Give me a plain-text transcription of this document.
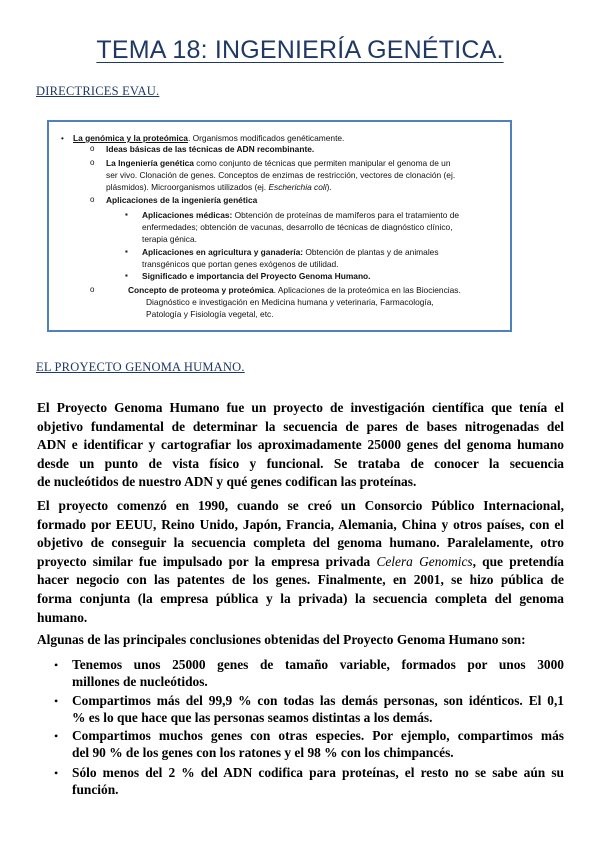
TEMA 18: INGENIERÍA GENÉTICA.
DIRECTRICES EVAU.
• La genómica y la proteómica. Organismos modificados genéticamente.
o Ideas básicas de las técnicas de ADN recombinante.
o La Ingeniería genética como conjunto de técnicas que permiten manipular el genoma de un
ser vivo. Clonación de genes. Conceptos de enzimas de restricción, vectores de clonación (ej.
plásmidos). Microorganismos utilizados (ej. Escherichia coli).
o Aplicaciones de la ingeniería genética
▪ Aplicaciones médicas: Obtención de proteínas de mamíferos para el tratamiento de
enfermedades; obtención de vacunas, desarrollo de técnicas de diagnóstico clínico,
terapia génica.
▪ Aplicaciones en agricultura y ganadería: Obtención de plantas y de animales
transgénicos que portan genes exógenos de utilidad.
▪ Significado e importancia del Proyecto Genoma Humano.
o	Concepto de proteoma y proteómica. Aplicaciones de la proteómica en las Biociencias.
Diagnóstico e investigación en Medicina humana y veterinaria, Farmacología,
Patología y Fisiología vegetal, etc.
EL PROYECTO GENOMA HUMANO.
El Proyecto Genoma Humano fue un proyecto de investigación científica que tenía el
objetivo fundamental de determinar la secuencia de pares de bases nitrogenadas del
ADN e identificar y cartografiar los aproximadamente 25000 genes del genoma humano
desde un punto de vista físico y funcional. Se trataba de conocer la secuencia
de nucleótidos de nuestro ADN y qué genes codifican las proteínas.
El proyecto comenzó en 1990, cuando se creó un Consorcio Público Internacional,
formado por EEUU, Reino Unido, Japón, Francia, Alemania, China y otros países, con el
objetivo de conseguir la secuencia completa del genoma humano. Paralelamente, otro
proyecto similar fue impulsado por la empresa privada Celera Genomics, que pretendía
hacer negocio con las patentes de los genes. Finalmente, en 2001, se hizo pública de
forma conjunta (la empresa pública y la privada) la secuencia completa del genoma
humano.
Algunas de las principales conclusiones obtenidas del Proyecto Genoma Humano son:
• Tenemos unos 25000 genes de tamaño variable, formados por unos 3000
millones de nucleótidos.
• Compartimos más del 99,9 % con todas las demás personas, son idénticos. El 0,1
% es lo que hace que las personas seamos distintas a los demás.
• Compartimos muchos genes con otras especies. Por ejemplo, compartimos más
del 90 % de los genes con los ratones y el 98 % con los chimpancés.
• Sólo menos del 2 % del ADN codifica para proteínas, el resto no se sabe aún su
función.
